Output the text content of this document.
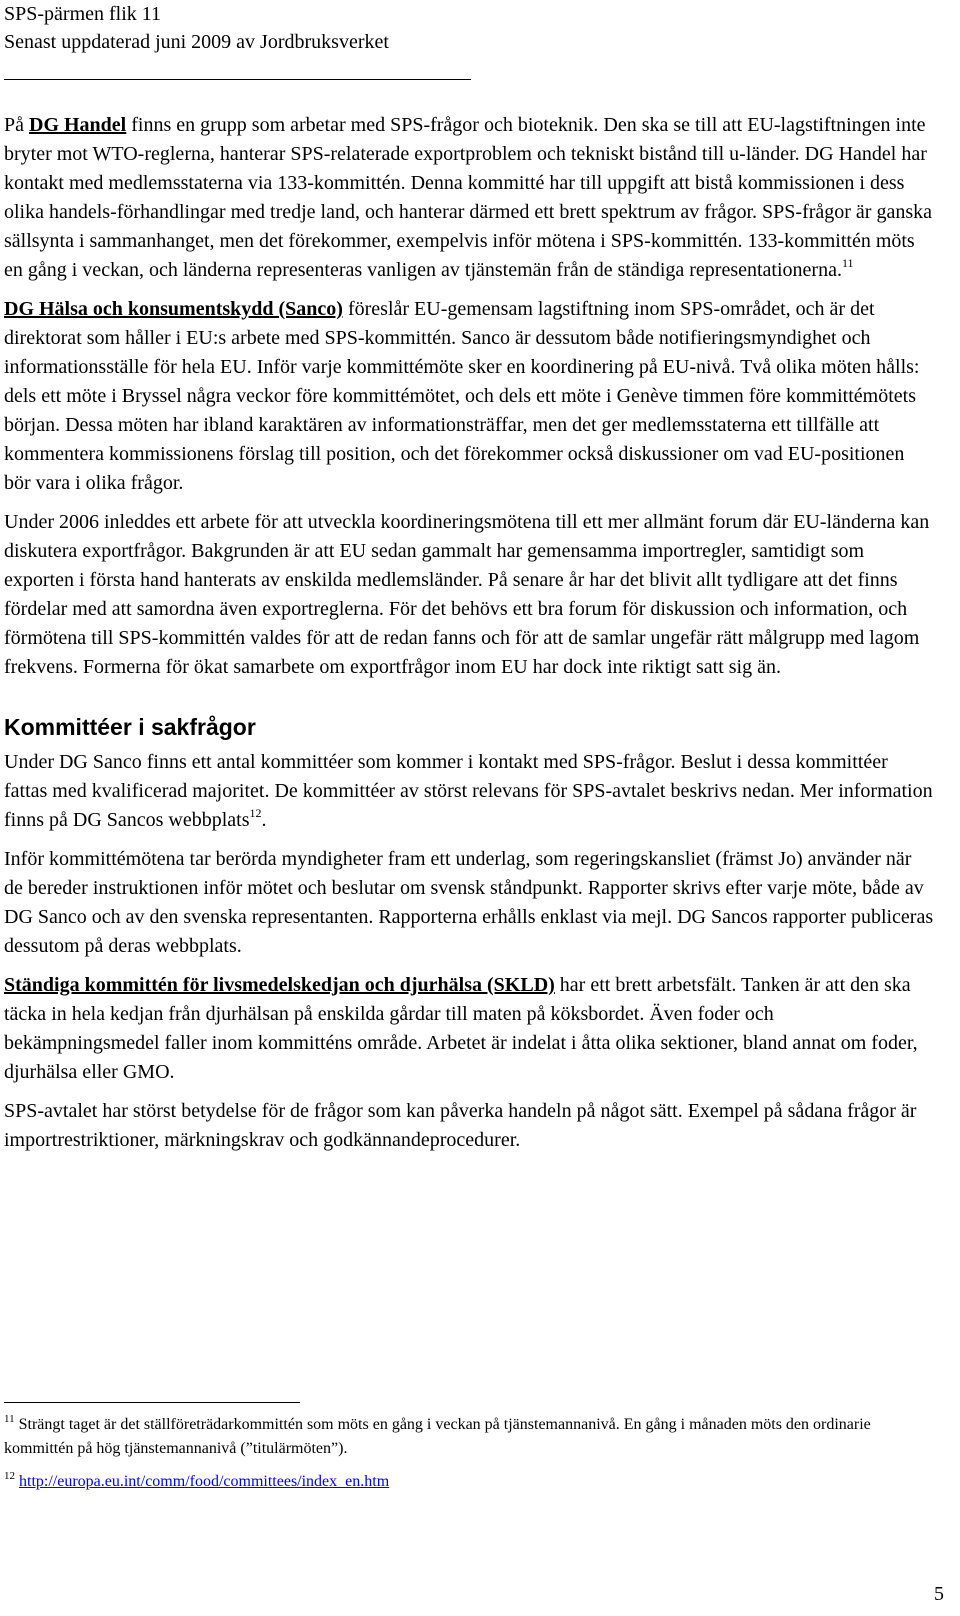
SPS-pärmen flik 11
Senast uppdaterad juni 2009 av Jordbruksverket

På DG Handel finns en grupp som arbetar med SPS-frågor och bioteknik. Den ska se till att EU-lagstiftningen inte bryter mot WTO-reglerna, hanterar SPS-relaterade exportproblem och tekniskt bistånd till u-länder. DG Handel har kontakt med medlemsstaterna via 133-kommittén. Denna kommitté har till uppgift att bistå kommissionen i dess olika handels-förhandlingar med tredje land, och hanterar därmed ett brett spektrum av frågor. SPS-frågor är ganska sällsynta i sammanhanget, men det förekommer, exempelvis inför mötena i SPS-kommittén. 133-kommittén möts en gång i veckan, och länderna representeras vanligen av tjänstemän från de ständiga representationerna.$^{11}$

DG Hälsa och konsumentskydd (Sanco) föreslår EU-gemensam lagstiftning inom SPS-området, och är det direktorat som håller i EU:s arbete med SPS-kommittén. Sanco är dessutom både notifieringsmyndighet och informationsställe för hela EU. Inför varje kommittémöte sker en koordinering på EU-nivå. Två olika möten hålls: dels ett möte i Bryssel några veckor före kommittémötet, och dels ett möte i Genève timmen före kommittémötets början. Dessa möten har ibland karaktären av informationsträffar, men det ger medlemsstaterna ett tillfälle att kommentera kommissionens förslag till position, och det förekommer också diskussioner om vad EU-positionen bör vara i olika frågor.

Under 2006 inleddes ett arbete för att utveckla koordineringsmötena till ett mer allmänt forum där EU-länderna kan diskutera exportfrågor. Bakgrunden är att EU sedan gammalt har gemensamma importregler, samtidigt som exporten i första hand hanterats av enskilda medlemsländer. På senare år har det blivit allt tydligare att det finns fördelar med att samordna även exportreglerna. För det behövs ett bra forum för diskussion och information, och förmötena till SPS-kommittén valdes för att de redan fanns och för att de samlar ungefär rätt målgrupp med lagom frekvens. Formerna för ökat samarbete om exportfrågor inom EU har dock inte riktigt satt sig än.

Kommittéer i sakfrågor

Under DG Sanco finns ett antal kommittéer som kommer i kontakt med SPS-frågor. Beslut i dessa kommittéer fattas med kvalificerad majoritet. De kommittéer av störst relevans för SPS-avtalet beskrivs nedan. Mer information finns på DG Sancos webbplats$^{12}$.

Inför kommittémötena tar berörda myndigheter fram ett underlag, som regeringskansliet (främst Jo) använder när de bereder instruktionen inför mötet och beslutar om svensk ståndpunkt. Rapporter skrivs efter varje möte, både av DG Sanco och av den svenska representanten. Rapporterna erhålls enklast via mejl. DG Sancos rapporter publiceras dessutom på deras webbplats.

Ständiga kommittén för livsmedelskedjan och djurhälsa (SKLD) har ett brett arbetsfält. Tanken är att den ska täcka in hela kedjan från djurhälsan på enskilda gårdar till maten på köksbordet. Även foder och bekämpningsmedel faller inom kommitténs område. Arbetet är indelat i åtta olika sektioner, bland annat om foder, djurhälsa eller GMO.

SPS-avtalet har störst betydelse för de frågor som kan påverka handeln på något sätt. Exempel på sådana frågor är importrestriktioner, märkningskrav och godkännandeprocedurer.

$^{11}$ Strängt taget är det ställföreträdarkommittén som möts en gång i veckan på tjänstemannanivå. En gång i månaden möts den ordinarie kommittén på hög tjänstemannanivå (”titulärmöten”).

$^{12}$ http://europa.eu.int/comm/food/committees/index_en.htm

5
